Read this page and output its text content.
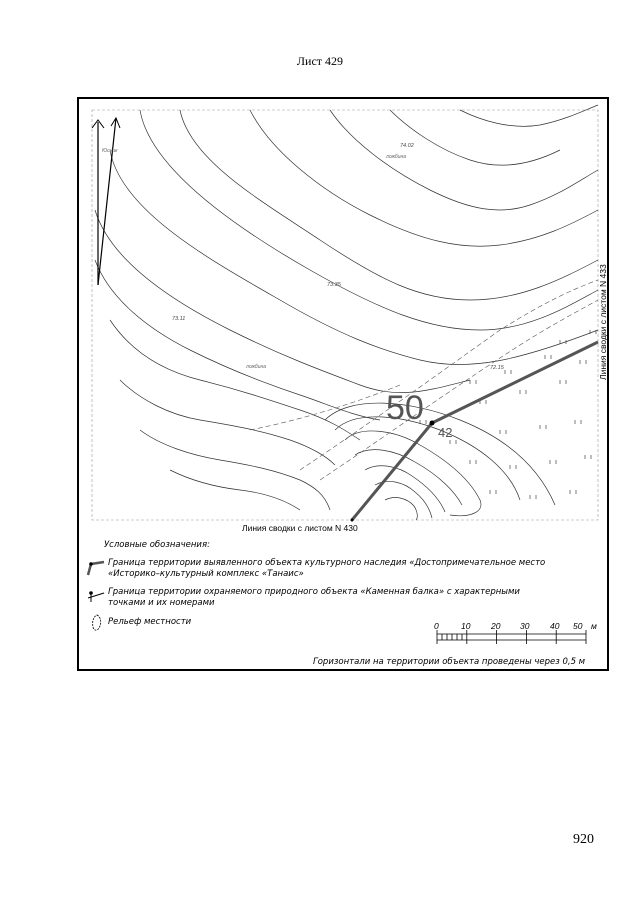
Лист 429
50
42
Линия сводки с листом N 430
Линия сводки с листом N 433
Юсник
74.02
73.35
73.11
72.15
ложбина
ложбина
0	10 20 30 40 50 м
Условные обозначения:
Граница территории выявленного объекта культурного наследия «Достопримечательное место «Историко–культурный комплекс «Танаис»
Граница территории охраняемого природного объекта «Каменная балка» с характерными точками и их номерами
Рельеф местности
Горизонтали на территории объекта проведены через 0,5 м
920
